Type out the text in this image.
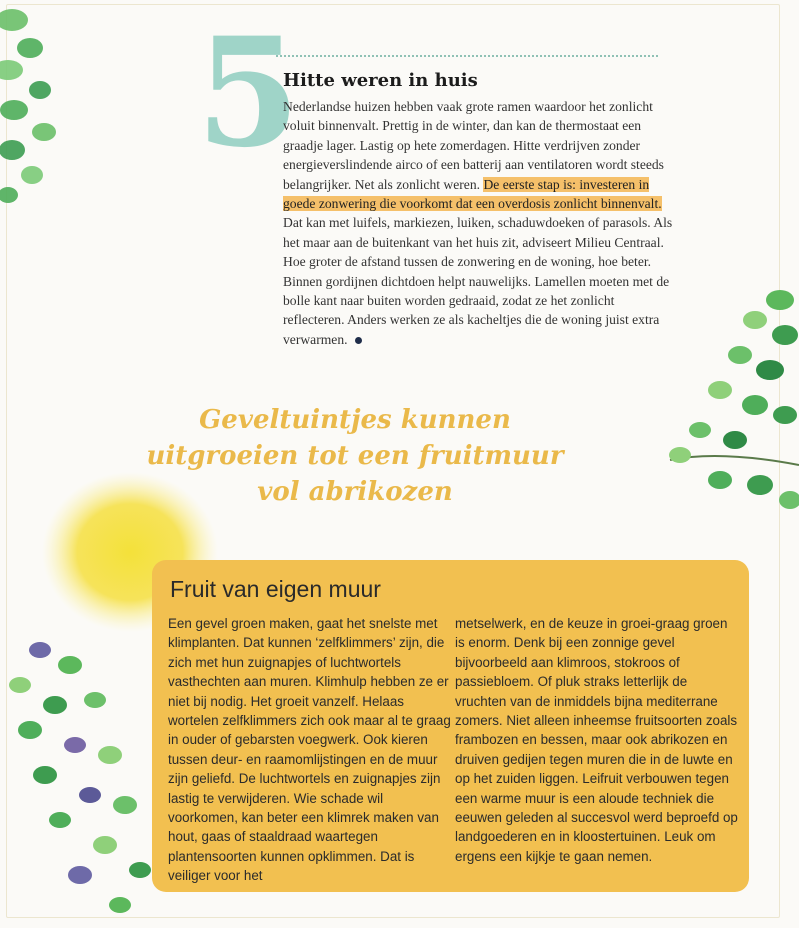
5
Hitte weren in huis

Nederlandse huizen hebben vaak grote ramen waardoor het zonlicht voluit binnenvalt. Prettig in de winter, dan kan de thermostaat een graadje lager. Lastig op hete zomerdagen. Hitte verdrijven zonder energieverslindende airco of een batterij aan ventilatoren wordt steeds belangrijker. Net als zonlicht weren. De eerste stap is: investeren in goede zonwering die voorkomt dat een overdosis zonlicht binnenvalt. Dat kan met luifels, markiezen, luiken, schaduwdoeken of parasols. Als het maar aan de buitenkant van het huis zit, adviseert Milieu Centraal. Hoe groter de afstand tussen de zonwering en de woning, hoe beter. Binnen gordijnen dichtdoen helpt nauwelijks. Lamellen moeten met de bolle kant naar buiten worden gedraaid, zodat ze het zonlicht reflecteren. Anders werken ze als kacheltjes die de woning juist extra verwarmen.

Geveltuintjes kunnen
uitgroeien tot een fruitmuur
vol abrikozen
Fruit van eigen muur

Een gevel groen maken, gaat het snelste met klimplanten. Dat kunnen ‘zelfklimmers’ zijn, die zich met hun zuignapjes of luchtwortels vasthechten aan muren. Klimhulp hebben ze er niet bij nodig. Het groeit vanzelf. Helaas wortelen zelfklimmers zich ook maar al te graag in ouder of gebarsten voegwerk. Ook kieren tussen deur- en raamomlijstingen en de muur zijn geliefd. De luchtwortels en zuignapjes zijn lastig te verwijderen. Wie schade wil voorkomen, kan beter een klimrek maken van hout, gaas of staaldraad waartegen plantensoorten kunnen opklimmen. Dat is veiliger voor het

metselwerk, en de keuze in groei-graag groen is enorm. Denk bij een zonnige gevel bijvoorbeeld aan klimroos, stokroos of passiebloem. Of pluk straks letterlijk de vruchten van de inmiddels bijna mediterrane zomers. Niet alleen inheemse fruitsoorten zoals frambozen en bessen, maar ook abrikozen en druiven gedijen tegen muren die in de luwte en op het zuiden liggen. Leifruit verbouwen tegen een warme muur is een aloude techniek die eeuwen geleden al succesvol werd beproefd op landgoederen en in kloostertuinen. Leuk om ergens een kijkje te gaan nemen.
